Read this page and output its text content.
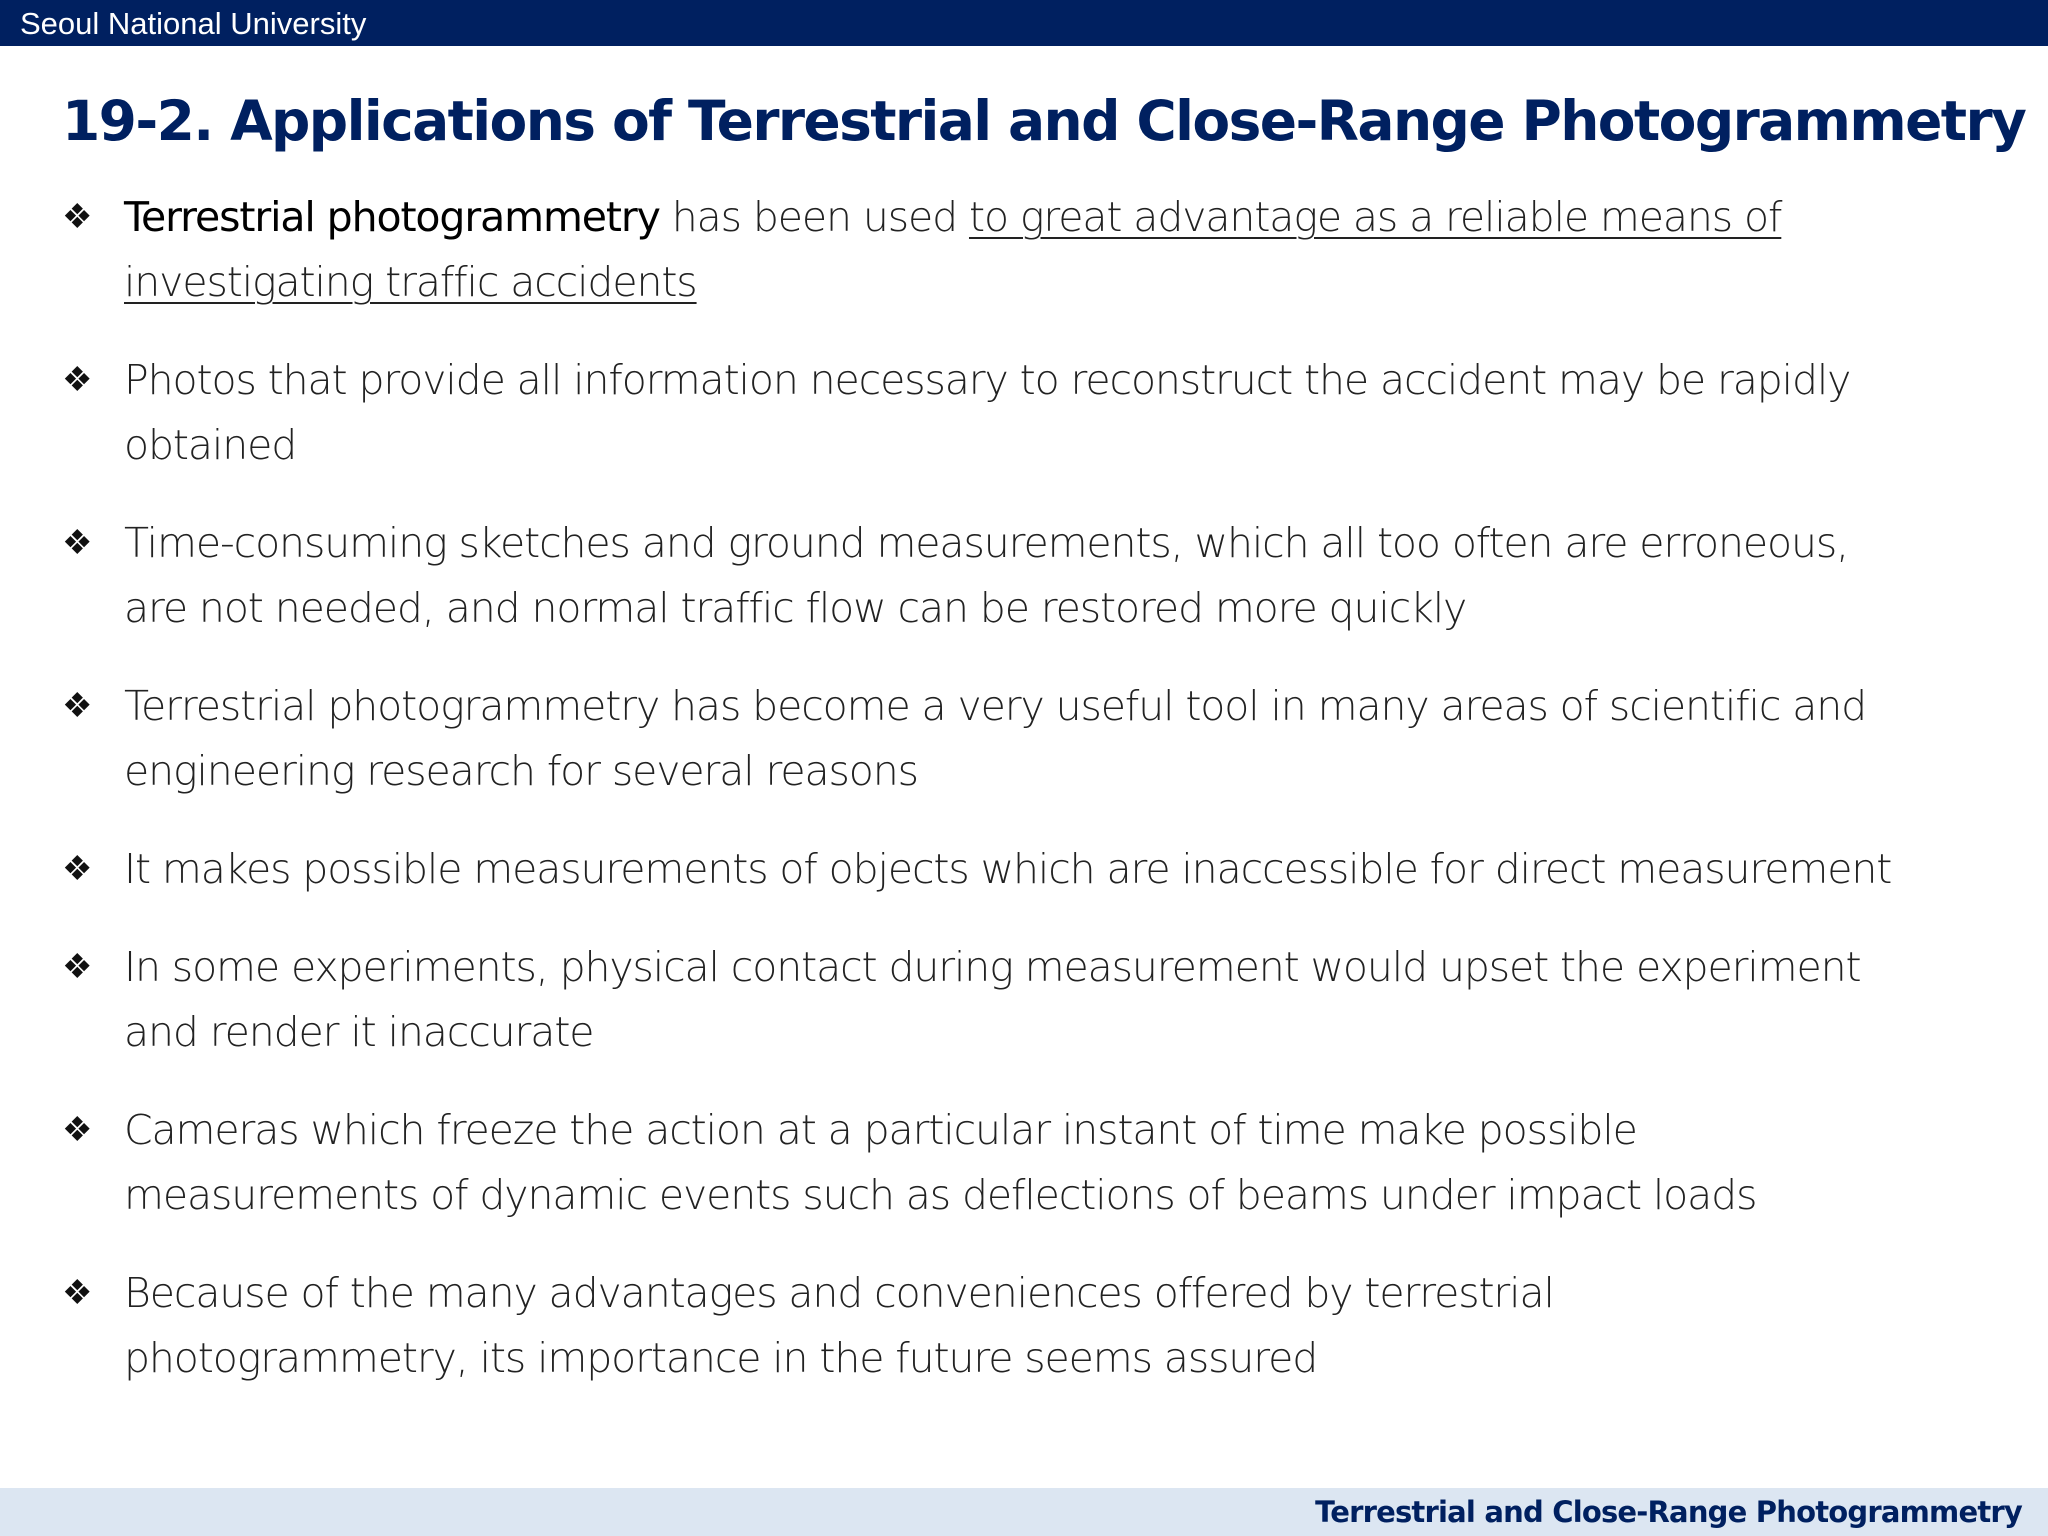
Seoul National University
19-2. Applications of Terrestrial and Close-Range Photogrammetry
❖ Terrestrial photogrammetry has been used to great advantage as a reliable means of
investigating traffic accidents
❖ Photos that provide all information necessary to reconstruct the accident may be rapidly
obtained
❖ Time-consuming sketches and ground measurements, which all too often are erroneous,
are not needed, and normal traffic flow can be restored more quickly
❖ Terrestrial photogrammetry has become a very useful tool in many areas of scientific and
engineering research for several reasons
❖ It makes possible measurements of objects which are inaccessible for direct measurement
❖ In some experiments, physical contact during measurement would upset the experiment
and render it inaccurate
❖ Cameras which freeze the action at a particular instant of time make possible
measurements of dynamic events such as deflections of beams under impact loads
❖ Because of the many advantages and conveniences offered by terrestrial
photogrammetry, its importance in the future seems assured
Terrestrial and Close-Range Photogrammetry
